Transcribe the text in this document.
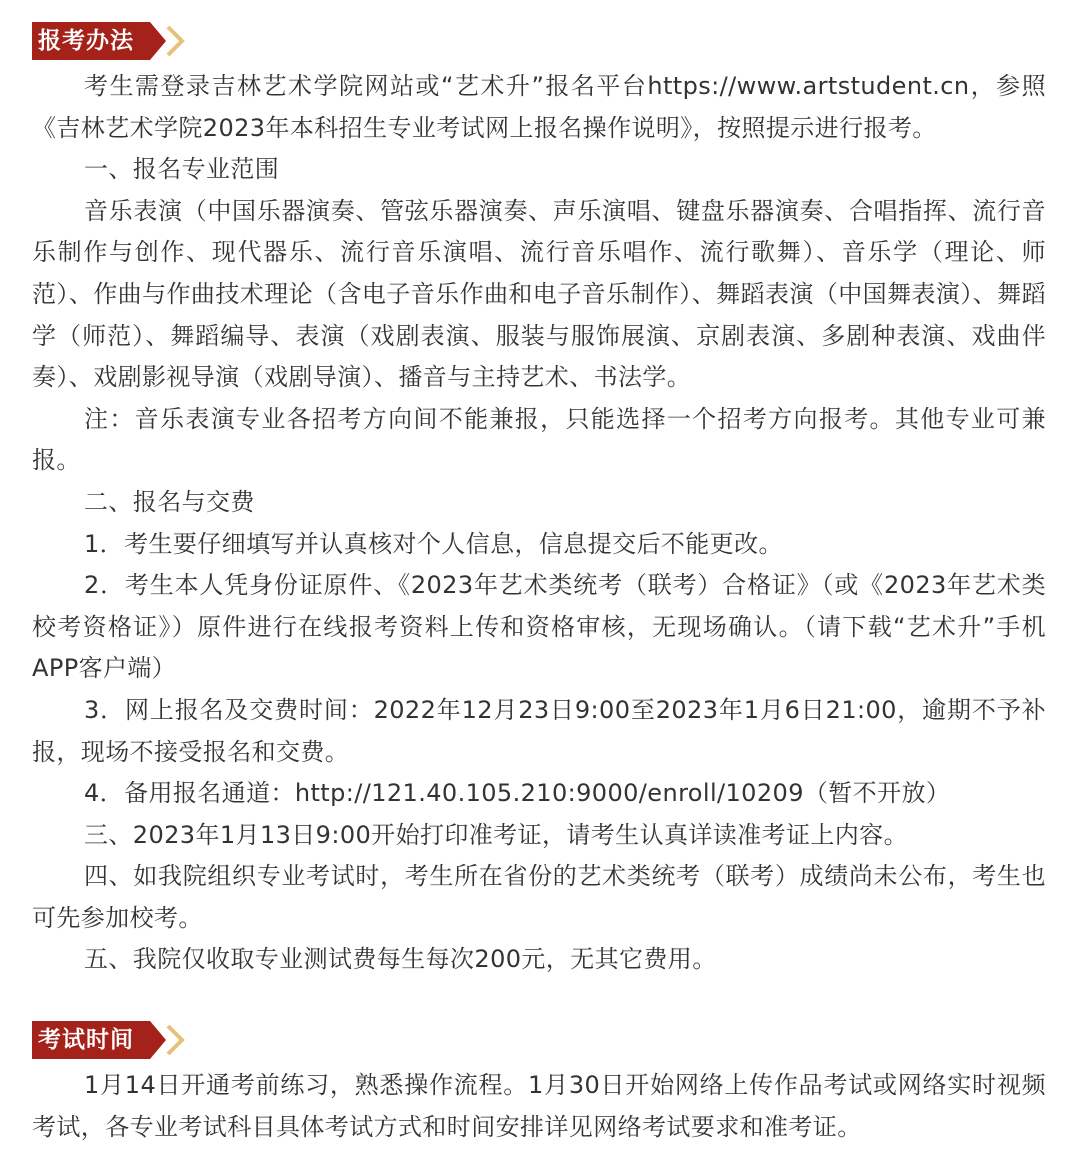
报考办法

考生需登录吉林艺术学院网站或“艺术升”报名平台https://www.artstudent.cn，参照《吉林艺术学院2023年本科招生专业考试网上报名操作说明》，按照提示进行报考。

一、报名专业范围

音乐表演（中国乐器演奏、管弦乐器演奏、声乐演唱、键盘乐器演奏、合唱指挥、流行音乐制作与创作、现代器乐、流行音乐演唱、流行音乐唱作、流行歌舞）、音乐学（理论、师范）、作曲与作曲技术理论（含电子音乐作曲和电子音乐制作）、舞蹈表演（中国舞表演）、舞蹈学（师范）、舞蹈编导、表演（戏剧表演、服装与服饰展演、京剧表演、多剧种表演、戏曲伴奏）、戏剧影视导演（戏剧导演）、播音与主持艺术、书法学。

注：音乐表演专业各招考方向间不能兼报，只能选择一个招考方向报考。其他专业可兼报。

二、报名与交费

1．考生要仔细填写并认真核对个人信息，信息提交后不能更改。

2．考生本人凭身份证原件、《2023年艺术类统考（联考）合格证》（或《2023年艺术类校考资格证》）原件进行在线报考资料上传和资格审核，无现场确认。（请下载“艺术升”手机APP客户端）

3．网上报名及交费时间：2022年12月23日9:00至2023年1月6日21:00，逾期不予补报，现场不接受报名和交费。

4．备用报名通道：http://121.40.105.210:9000/enroll/10209（暂不开放）

三、2023年1月13日9:00开始打印准考证，请考生认真详读准考证上内容。

四、如我院组织专业考试时，考生所在省份的艺术类统考（联考）成绩尚未公布，考生也可先参加校考。

五、我院仅收取专业测试费每生每次200元，无其它费用。

考试时间

1月14日开通考前练习，熟悉操作流程。1月30日开始网络上传作品考试或网络实时视频考试，各专业考试科目具体考试方式和时间安排详见网络考试要求和准考证。
